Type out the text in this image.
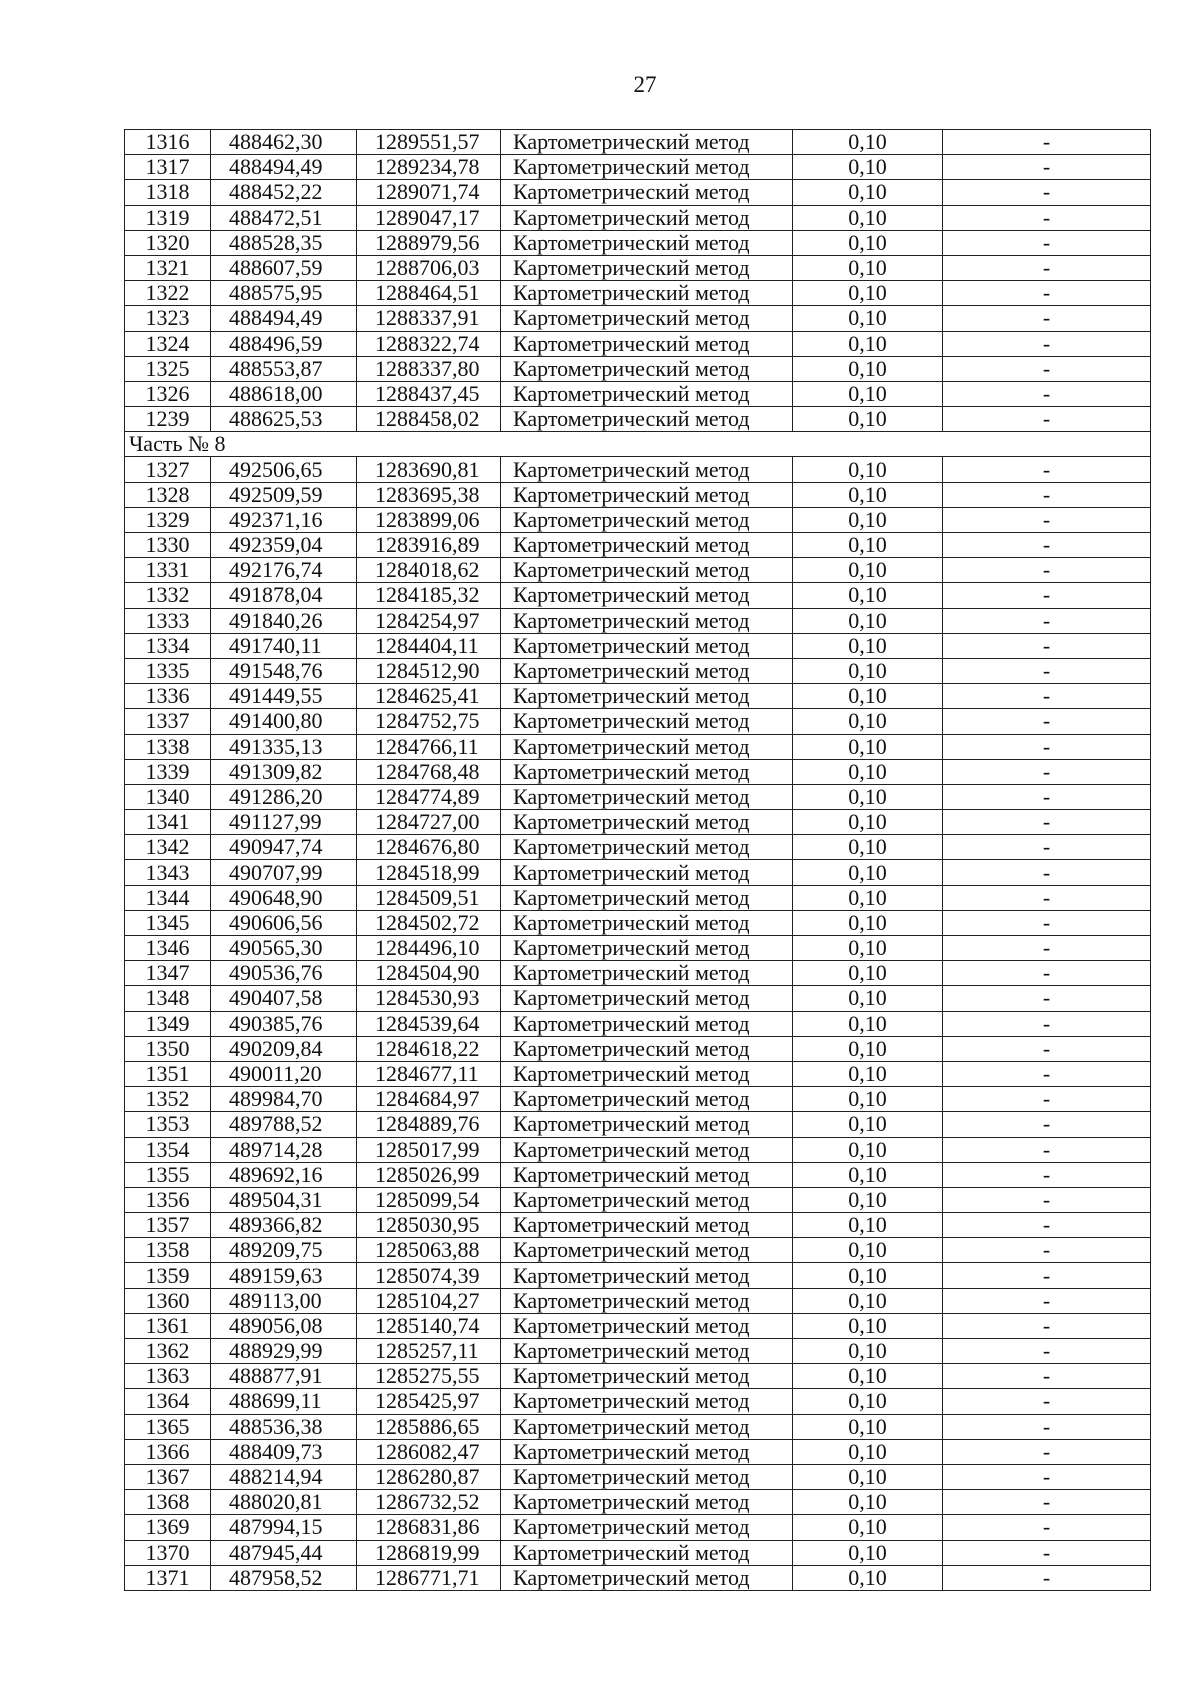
27
1316	488462,30	1289551,57	Картометрический метод	0,10	-
1317	488494,49	1289234,78	Картометрический метод	0,10	-
1318	488452,22	1289071,74	Картометрический метод	0,10	-
1319	488472,51	1289047,17	Картометрический метод	0,10	-
1320	488528,35	1288979,56	Картометрический метод	0,10	-
1321	488607,59	1288706,03	Картометрический метод	0,10	-
1322	488575,95	1288464,51	Картометрический метод	0,10	-
1323	488494,49	1288337,91	Картометрический метод	0,10	-
1324	488496,59	1288322,74	Картометрический метод	0,10	-
1325	488553,87	1288337,80	Картометрический метод	0,10	-
1326	488618,00	1288437,45	Картометрический метод	0,10	-
1239	488625,53	1288458,02	Картометрический метод	0,10	-
Часть № 8					
1327	492506,65	1283690,81	Картометрический метод	0,10	-
1328	492509,59	1283695,38	Картометрический метод	0,10	-
1329	492371,16	1283899,06	Картометрический метод	0,10	-
1330	492359,04	1283916,89	Картометрический метод	0,10	-
1331	492176,74	1284018,62	Картометрический метод	0,10	-
1332	491878,04	1284185,32	Картометрический метод	0,10	-
1333	491840,26	1284254,97	Картометрический метод	0,10	-
1334	491740,11	1284404,11	Картометрический метод	0,10	-
1335	491548,76	1284512,90	Картометрический метод	0,10	-
1336	491449,55	1284625,41	Картометрический метод	0,10	-
1337	491400,80	1284752,75	Картометрический метод	0,10	-
1338	491335,13	1284766,11	Картометрический метод	0,10	-
1339	491309,82	1284768,48	Картометрический метод	0,10	-
1340	491286,20	1284774,89	Картометрический метод	0,10	-
1341	491127,99	1284727,00	Картометрический метод	0,10	-
1342	490947,74	1284676,80	Картометрический метод	0,10	-
1343	490707,99	1284518,99	Картометрический метод	0,10	-
1344	490648,90	1284509,51	Картометрический метод	0,10	-
1345	490606,56	1284502,72	Картометрический метод	0,10	-
1346	490565,30	1284496,10	Картометрический метод	0,10	-
1347	490536,76	1284504,90	Картометрический метод	0,10	-
1348	490407,58	1284530,93	Картометрический метод	0,10	-
1349	490385,76	1284539,64	Картометрический метод	0,10	-
1350	490209,84	1284618,22	Картометрический метод	0,10	-
1351	490011,20	1284677,11	Картометрический метод	0,10	-
1352	489984,70	1284684,97	Картометрический метод	0,10	-
1353	489788,52	1284889,76	Картометрический метод	0,10	-
1354	489714,28	1285017,99	Картометрический метод	0,10	-
1355	489692,16	1285026,99	Картометрический метод	0,10	-
1356	489504,31	1285099,54	Картометрический метод	0,10	-
1357	489366,82	1285030,95	Картометрический метод	0,10	-
1358	489209,75	1285063,88	Картометрический метод	0,10	-
1359	489159,63	1285074,39	Картометрический метод	0,10	-
1360	489113,00	1285104,27	Картометрический метод	0,10	-
1361	489056,08	1285140,74	Картометрический метод	0,10	-
1362	488929,99	1285257,11	Картометрический метод	0,10	-
1363	488877,91	1285275,55	Картометрический метод	0,10	-
1364	488699,11	1285425,97	Картометрический метод	0,10	-
1365	488536,38	1285886,65	Картометрический метод	0,10	-
1366	488409,73	1286082,47	Картометрический метод	0,10	-
1367	488214,94	1286280,87	Картометрический метод	0,10	-
1368	488020,81	1286732,52	Картометрический метод	0,10	-
1369	487994,15	1286831,86	Картометрический метод	0,10	-
1370	487945,44	1286819,99	Картометрический метод	0,10	-
1371	487958,52	1286771,71	Картометрический метод	0,10	-
